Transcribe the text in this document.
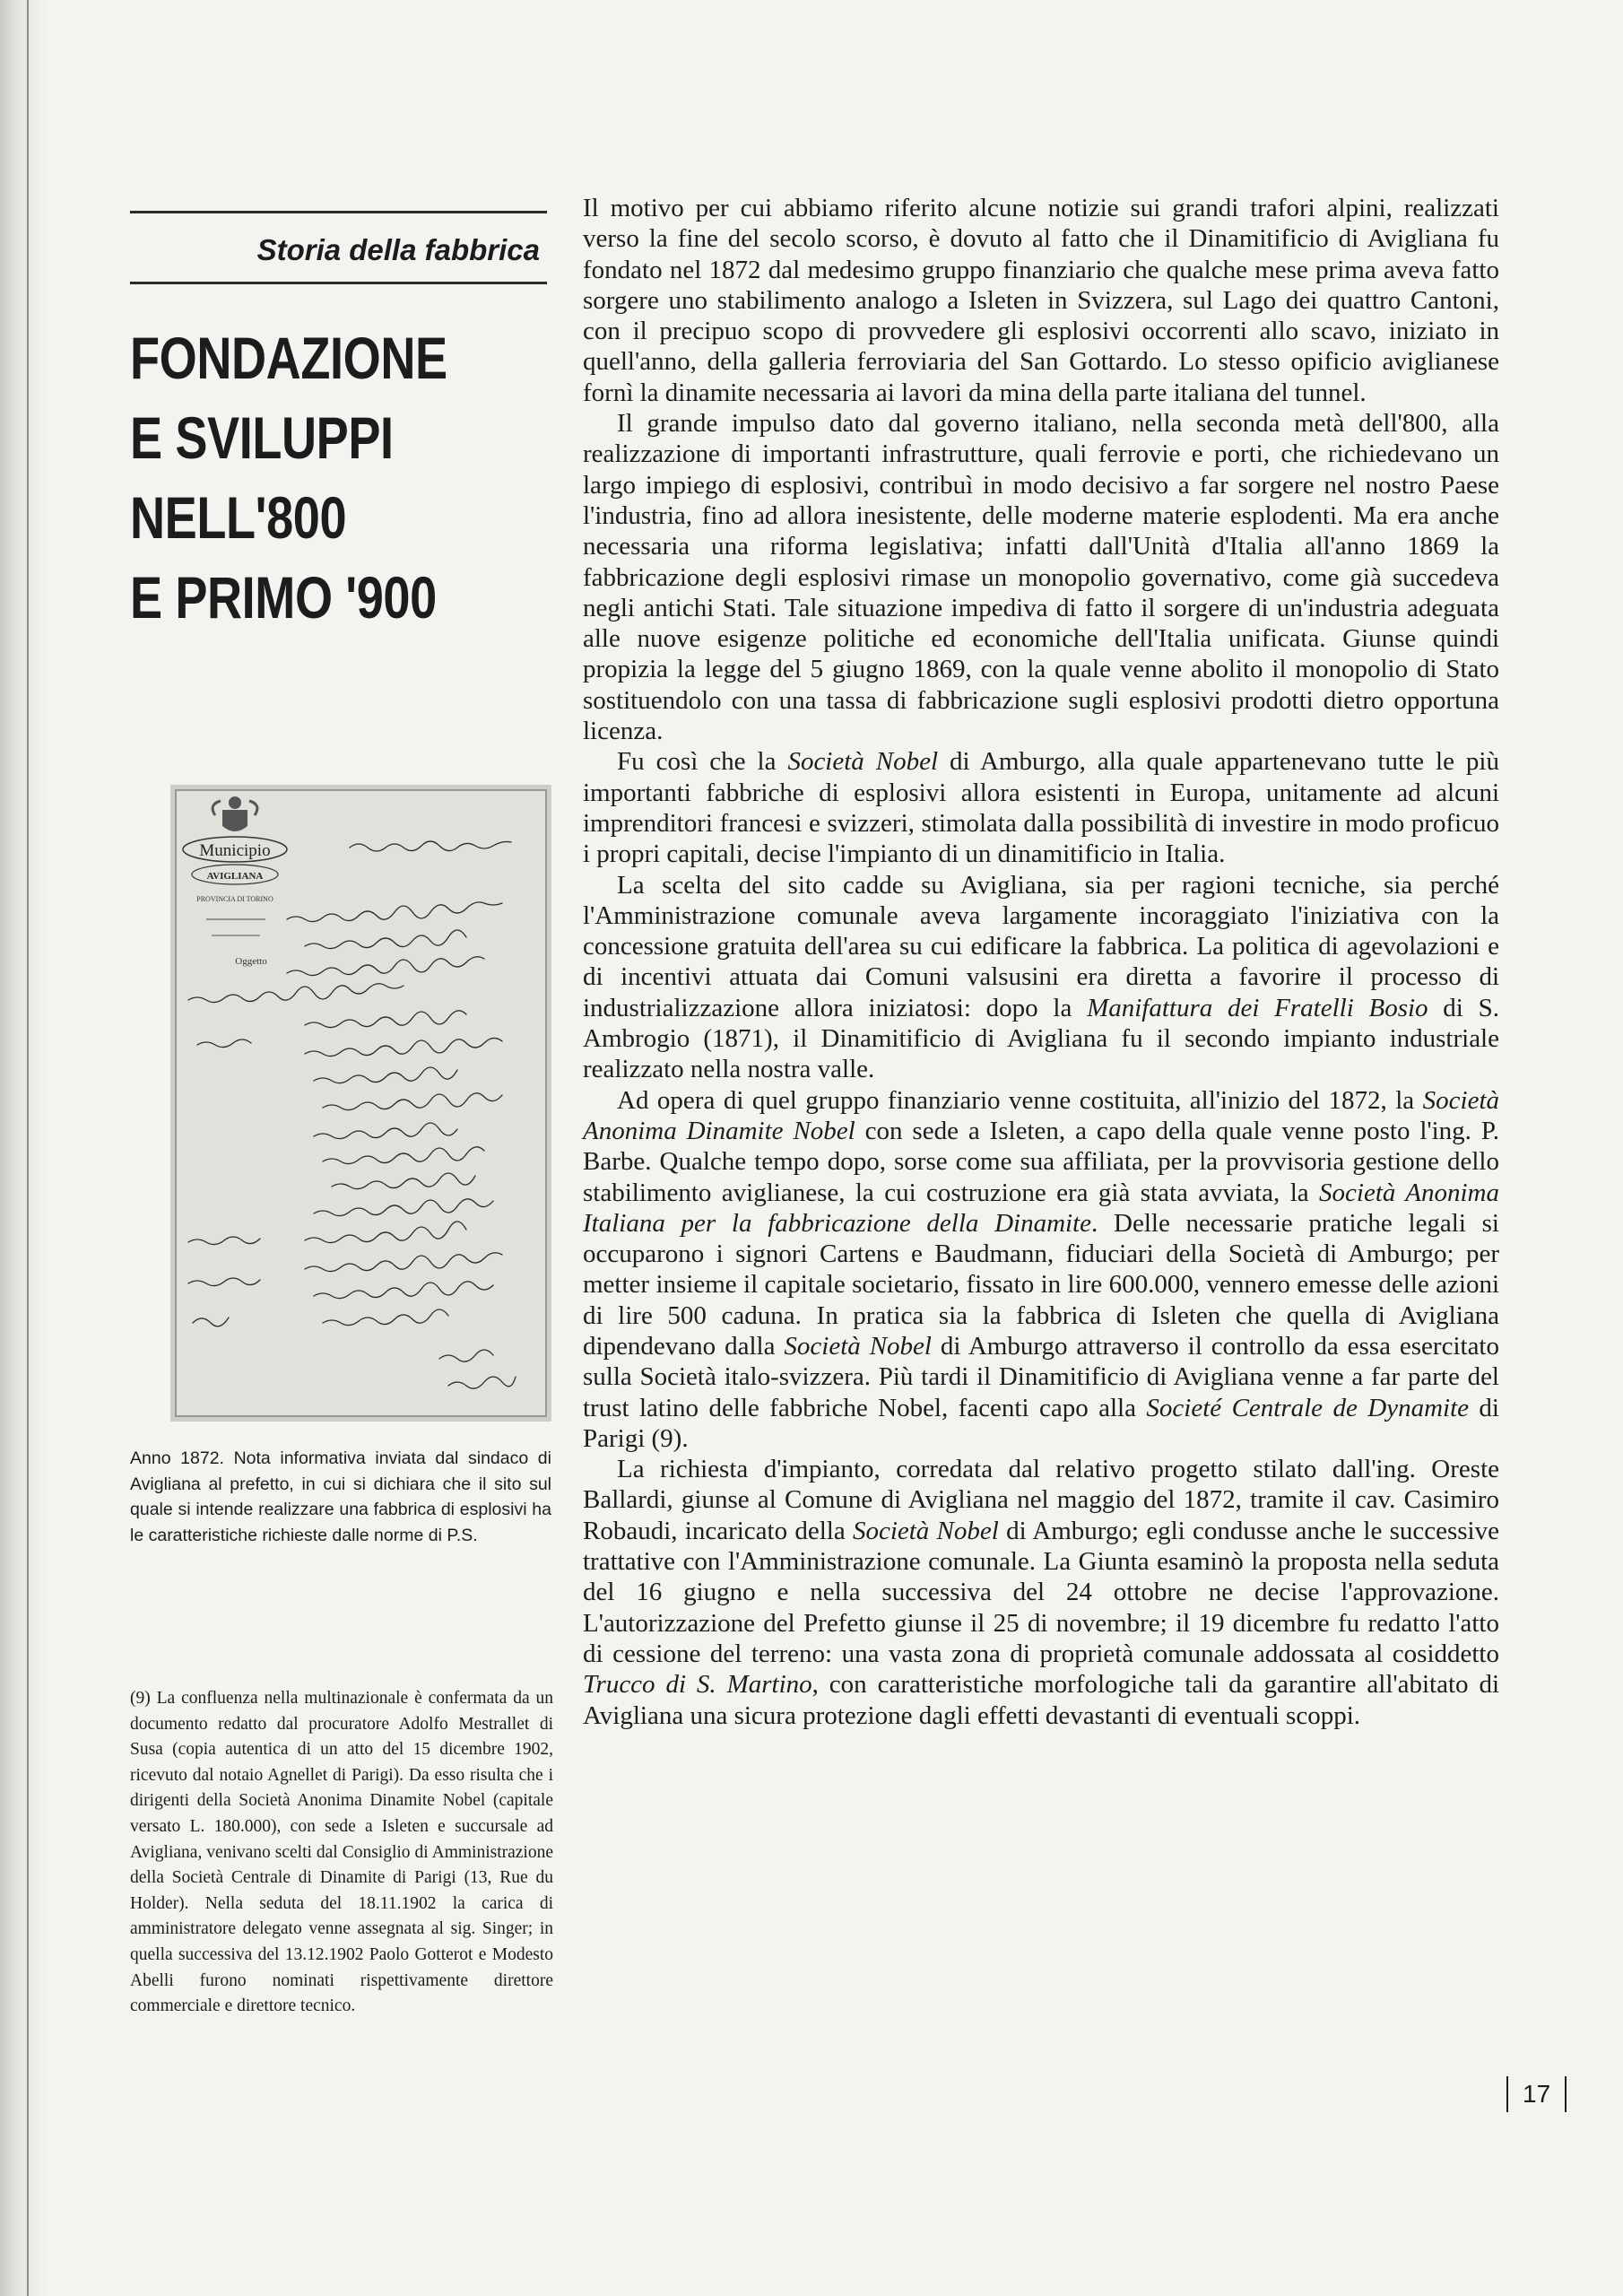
Storia della fabbrica
FONDAZIONE
E SVILUPPI
NELL'800
E PRIMO '900
Municipio
AVIGLIANA
PROVINCIA DI TORINO
Oggetto

Anno 1872. Nota informativa inviata dal sindaco di Avigliana al prefetto, in cui si dichiara che il sito sul quale si intende realizzare una fabbrica di esplosivi ha le caratteristiche richieste dalle norme di P.S.

(9) La confluenza nella multinazionale è confermata da un documento redatto dal procuratore Adolfo Mestrallet di Susa (copia autentica di un atto del 15 dicembre 1902, ricevuto dal notaio Agnellet di Parigi). Da esso risulta che i dirigenti della Società Anonima Dinamite Nobel (capitale versato L. 180.000), con sede a Isleten e succursale ad Avigliana, venivano scelti dal Consiglio di Amministrazione della Società Centrale di Dinamite di Parigi (13, Rue du Holder). Nella seduta del 18.11.1902 la carica di amministratore delegato venne assegnata al sig. Singer; in quella successiva del 13.12.1902 Paolo Gotterot e Modesto Abelli furono nominati rispettivamente direttore commerciale e direttore tecnico.

Il motivo per cui abbiamo riferito alcune notizie sui grandi trafori alpini, realizzati verso la fine del secolo scorso, è dovuto al fatto che il Dinamitificio di Avigliana fu fondato nel 1872 dal medesimo gruppo finanziario che qualche mese prima aveva fatto sorgere uno stabilimento analogo a Isleten in Svizzera, sul Lago dei quattro Cantoni, con il precipuo scopo di provvedere gli esplosivi occorrenti allo scavo, iniziato in quell'anno, della galleria ferroviaria del San Gottardo. Lo stesso opificio aviglianese fornì la dinamite necessaria ai lavori da mina della parte italiana del tunnel.

Il grande impulso dato dal governo italiano, nella seconda metà dell'800, alla realizzazione di importanti infrastrutture, quali ferrovie e porti, che richiedevano un largo impiego di esplosivi, contribuì in modo decisivo a far sorgere nel nostro Paese l'industria, fino ad allora inesistente, delle moderne materie esplodenti. Ma era anche necessaria una riforma legislativa; infatti dall'Unità d'Italia all'anno 1869 la fabbricazione degli esplosivi rimase un monopolio governativo, come già succedeva negli antichi Stati. Tale situazione impediva di fatto il sorgere di un'industria adeguata alle nuove esigenze politiche ed economiche dell'Italia unificata. Giunse quindi propizia la legge del 5 giugno 1869, con la quale venne abolito il monopolio di Stato sostituendolo con una tassa di fabbricazione sugli esplosivi prodotti dietro opportuna licenza.

Fu così che la Società Nobel di Amburgo, alla quale appartenevano tutte le più importanti fabbriche di esplosivi allora esistenti in Europa, unitamente ad alcuni imprenditori francesi e svizzeri, stimolata dalla possibilità di investire in modo proficuo i propri capitali, decise l'impianto di un dinamitificio in Italia.

La scelta del sito cadde su Avigliana, sia per ragioni tecniche, sia perché l'Amministrazione comunale aveva largamente incoraggiato l'iniziativa con la concessione gratuita dell'area su cui edificare la fabbrica. La politica di agevolazioni e di incentivi attuata dai Comuni valsusini era diretta a favorire il processo di industrializzazione allora iniziatosi: dopo la Manifattura dei Fratelli Bosio di S. Ambrogio (1871), il Dinamitificio di Avigliana fu il secondo impianto industriale realizzato nella nostra valle.

Ad opera di quel gruppo finanziario venne costituita, all'inizio del 1872, la Società Anonima Dinamite Nobel con sede a Isleten, a capo della quale venne posto l'ing. P. Barbe. Qualche tempo dopo, sorse come sua affiliata, per la provvisoria gestione dello stabilimento aviglianese, la cui costruzione era già stata avviata, la Società Anonima Italiana per la fabbricazione della Dinamite. Delle necessarie pratiche legali si occuparono i signori Cartens e Baudmann, fiduciari della Società di Amburgo; per metter insieme il capitale societario, fissato in lire 600.000, vennero emesse delle azioni di lire 500 caduna. In pratica sia la fabbrica di Isleten che quella di Avigliana dipendevano dalla Società Nobel di Amburgo attraverso il controllo da essa esercitato sulla Società italo-svizzera. Più tardi il Dinamitificio di Avigliana venne a far parte del trust latino delle fabbriche Nobel, facenti capo alla Societé Centrale de Dynamite di Parigi (9).

La richiesta d'impianto, corredata dal relativo progetto stilato dall'ing. Oreste Ballardi, giunse al Comune di Avigliana nel maggio del 1872, tramite il cav. Casimiro Robaudi, incaricato della Società Nobel di Amburgo; egli condusse anche le successive trattative con l'Amministrazione comunale. La Giunta esaminò la proposta nella seduta del 16 giugno e nella successiva del 24 ottobre ne decise l'approvazione. L'autorizzazione del Prefetto giunse il 25 di novembre; il 19 dicembre fu redatto l'atto di cessione del terreno: una vasta zona di proprietà comunale addossata al cosiddetto Trucco di S. Martino, con caratteristiche morfologiche tali da garantire all'abitato di Avigliana una sicura protezione dagli effetti devastanti di eventuali scoppi.

17
